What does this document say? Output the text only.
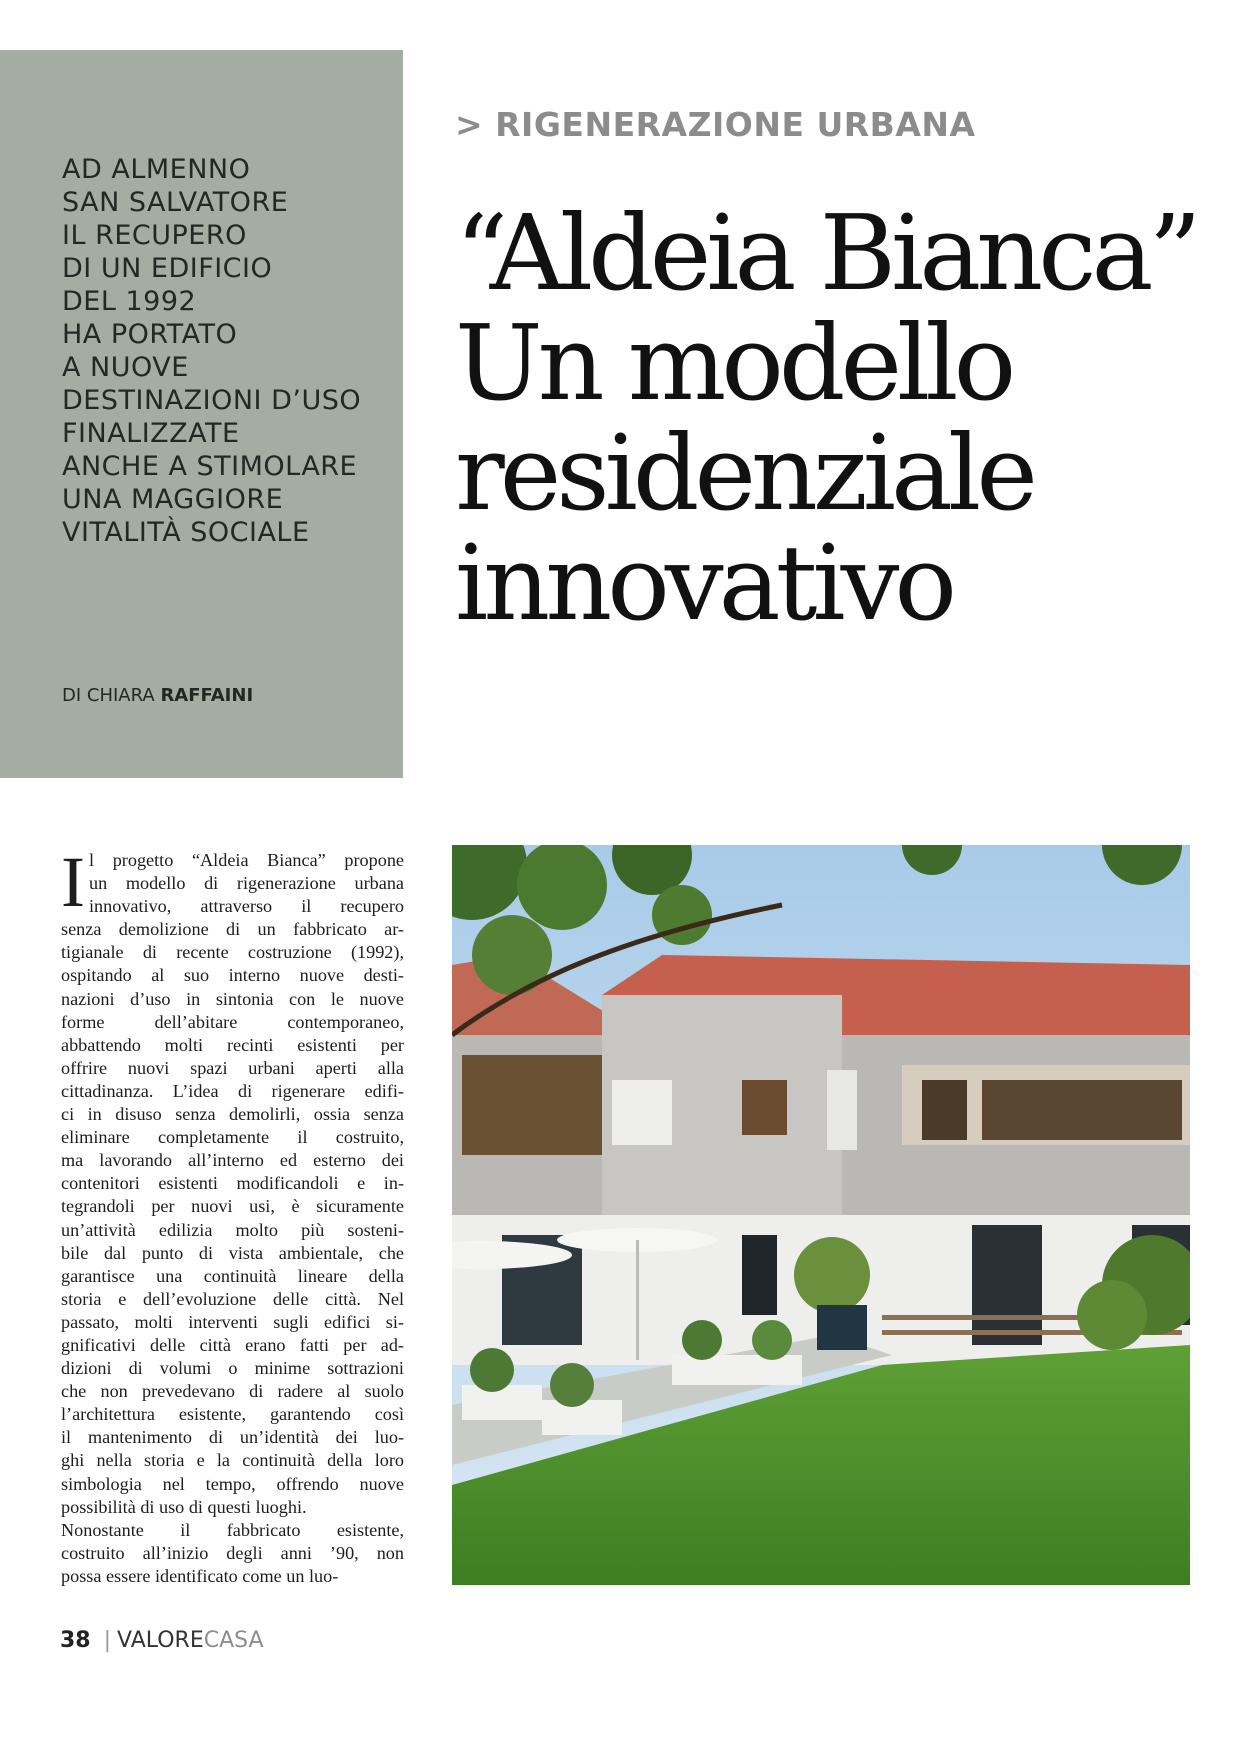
AD ALMENNO
SAN SALVATORE
IL RECUPERO
DI UN EDIFICIO
DEL 1992
HA PORTATO
A NUOVE
DESTINAZIONI D’USO
FINALIZZATE
ANCHE A STIMOLARE
UNA MAGGIORE
VITALITÀ SOCIALE
DI CHIARA RAFFAINI
> RIGENERAZIONE URBANA
“Aldeia Bianca”
Un modello
residenziale
innovativo
I l progetto “Aldeia Bianca” propone
un modello di rigenerazione urbana
innovativo, attraverso il recupero
senza demolizione di un fabbricato ar-
tigianale di recente costruzione (1992),
ospitando al suo interno nuove desti-
nazioni d’uso in sintonia con le nuove
forme dell’abitare contemporaneo,
abbattendo molti recinti esistenti per
offrire nuovi spazi urbani aperti alla
cittadinanza. L’idea di rigenerare edifi-
ci in disuso senza demolirli, ossia senza
eliminare completamente il costruito,
ma lavorando all’interno ed esterno dei
contenitori esistenti modificandoli e in-
tegrandoli per nuovi usi, è sicuramente
un’attività edilizia molto più sosteni-
bile dal punto di vista ambientale, che
garantisce una continuità lineare della
storia e dell’evoluzione delle città. Nel
passato, molti interventi sugli edifici si-
gnificativi delle città erano fatti per ad-
dizioni di volumi o minime sottrazioni
che non prevedevano di radere al suolo
l’architettura esistente, garantendo così
il mantenimento di un’identità dei luo-
ghi nella storia e la continuità della loro
simbologia nel tempo, offrendo nuove
possibilità di uso di questi luoghi.
Nonostante il fabbricato esistente,
costruito all’inizio degli anni ’90, non
possa essere identificato come un luo-
38 | VALORECASA
